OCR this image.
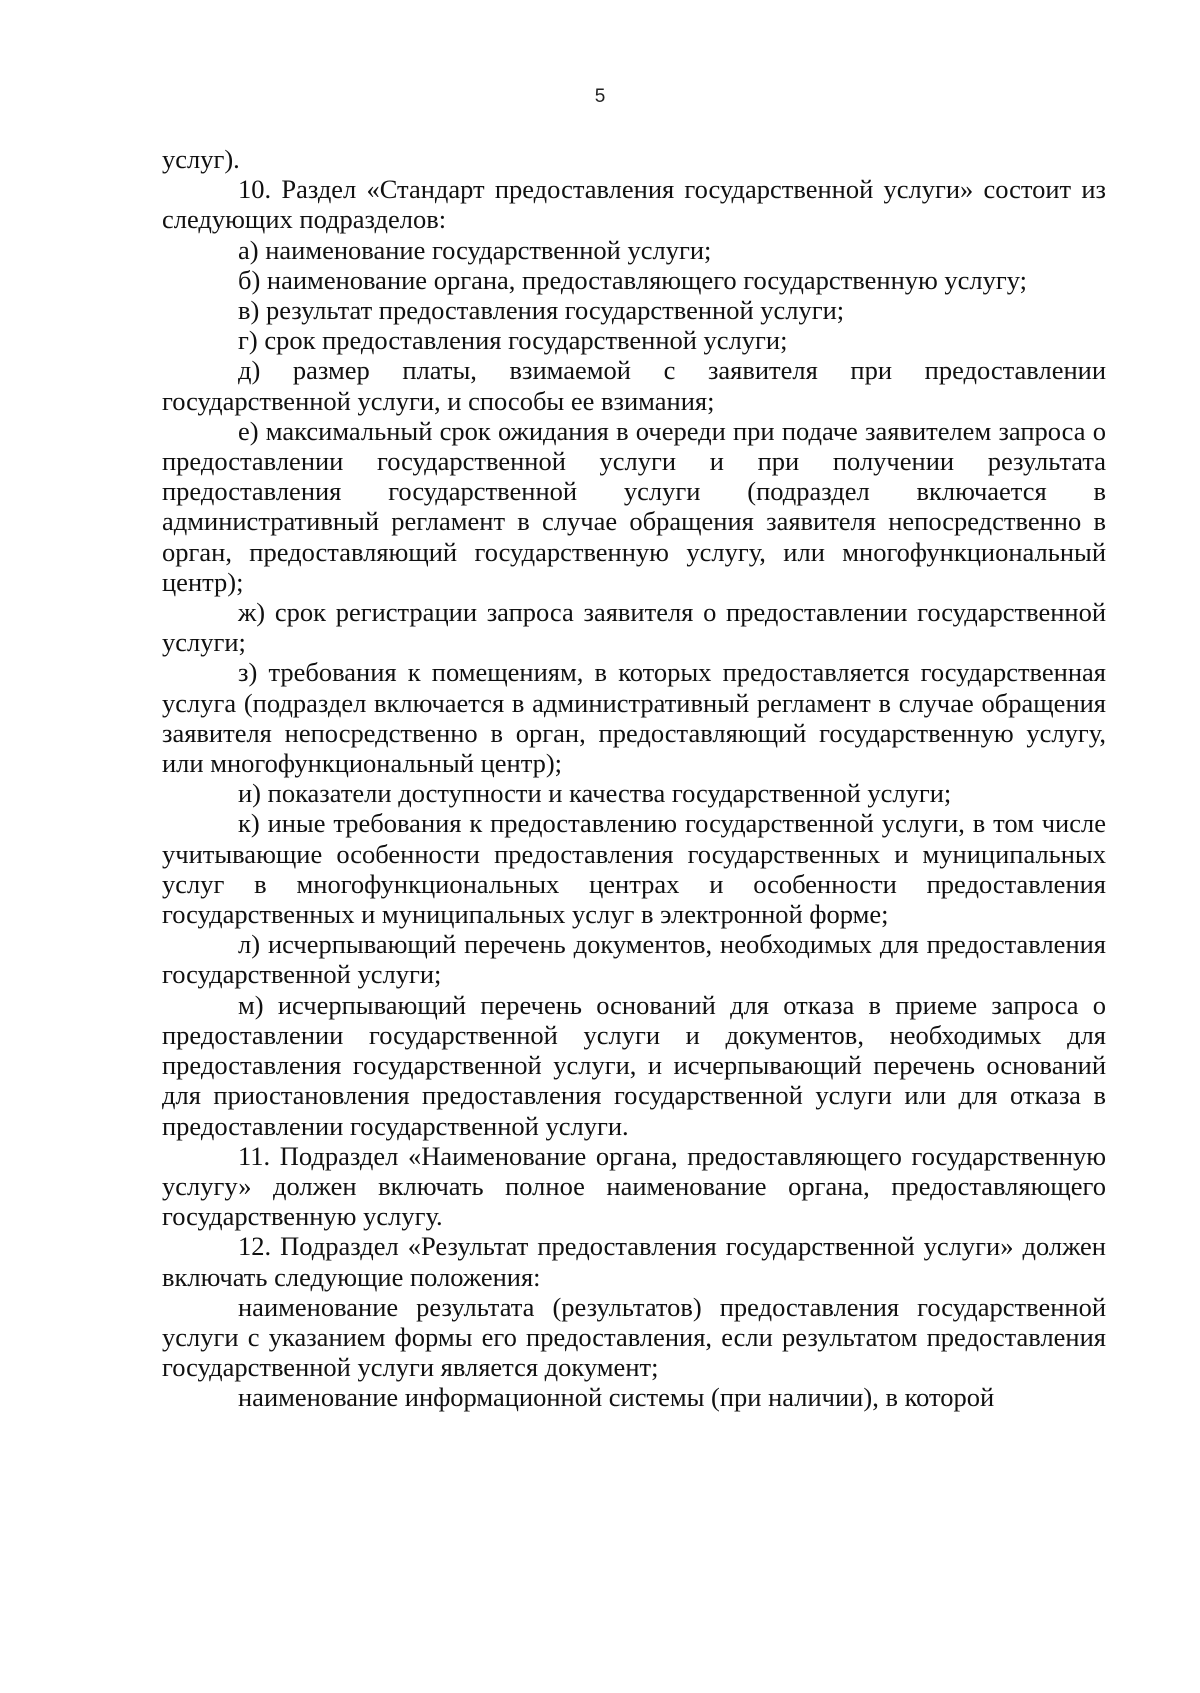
5

услуг).

10. Раздел «Стандарт предоставления государственной услуги» состоит из следующих подразделов:

а) наименование государственной услуги;

б) наименование органа, предоставляющего государственную услугу;

в) результат предоставления государственной услуги;

г) срок предоставления государственной услуги;

д) размер платы, взимаемой с заявителя при предоставлении государственной услуги, и способы ее взимания;

е) максимальный срок ожидания в очереди при подаче заявителем запроса о предоставлении государственной услуги и при получении результата предоставления государственной услуги (подраздел включается в административный регламент в случае обращения заявителя непосредственно в орган, предоставляющий государственную услугу, или многофункциональный центр);

ж) срок регистрации запроса заявителя о предоставлении государственной услуги;

з) требования к помещениям, в которых предоставляется государственная услуга (подраздел включается в административный регламент в случае обращения заявителя непосредственно в орган, предоставляющий государственную услугу, или многофункциональный центр);

и) показатели доступности и качества государственной услуги;

к) иные требования к предоставлению государственной услуги, в том числе учитывающие особенности предоставления государственных и муниципальных услуг в многофункциональных центрах и особенности предоставления государственных и муниципальных услуг в электронной форме;

л) исчерпывающий перечень документов, необходимых для предоставления государственной услуги;

м) исчерпывающий перечень оснований для отказа в приеме запроса о предоставлении государственной услуги и документов, необходимых для предоставления государственной услуги, и исчерпывающий перечень оснований для приостановления предоставления государственной услуги или для отказа в предоставлении государственной услуги.

11. Подраздел «Наименование органа, предоставляющего государственную услугу» должен включать полное наименование органа, предоставляющего государственную услугу.

12. Подраздел «Результат предоставления государственной услуги» должен включать следующие положения:

наименование результата (результатов) предоставления государственной услуги с указанием формы его предоставления, если результатом предоставления государственной услуги является документ;

наименование информационной системы (при наличии), в которой
